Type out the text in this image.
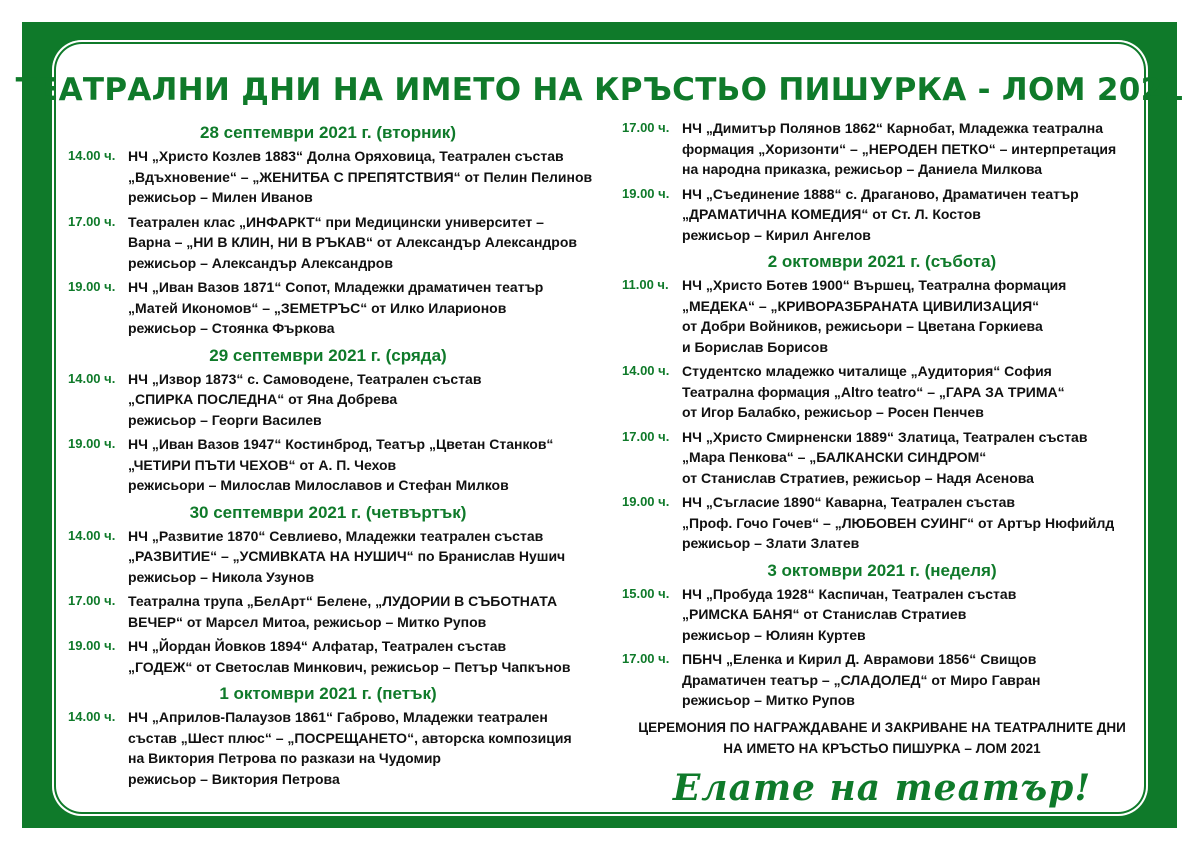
ТЕАТРАЛНИ ДНИ НА ИМЕТО НА КРЪСТЬО ПИШУРКА - ЛОМ 2021
28 септември 2021 г. (вторник)
14.00 ч. НЧ „Христо Козлев 1883“ Долна Оряховица, Театрален състав
„Вдъхновение“ – „ЖЕНИТБА С ПРЕПЯТСТВИЯ“ от Пелин Пелинов
режисьор – Милен Иванов
17.00 ч. Театрален клас „ИНФАРКТ“ при Медицински университет –
Варна – „НИ В КЛИН, НИ В РЪКАВ“ от Александър Александров
режисьор – Александър Александров
19.00 ч. НЧ „Иван Вазов 1871“ Сопот, Младежки драматичен театър
„Матей Икономов“ – „ЗЕМЕТРЪС“ от Илко Иларионов
режисьор – Стоянка Фъркова
29 септември 2021 г. (сряда)
14.00 ч. НЧ „Извор 1873“ с. Самоводене, Театрален състав
„СПИРКА ПОСЛЕДНА“ от Яна Добрева
режисьор – Георги Василев
19.00 ч. НЧ „Иван Вазов 1947“ Костинброд, Театър „Цветан Станков“
„ЧЕТИРИ ПЪТИ ЧЕХОВ“ от А. П. Чехов
режисьори – Милослав Милославов и Стефан Милков
30 септември 2021 г. (четвъртък)
14.00 ч. НЧ „Развитие 1870“ Севлиево, Младежки театрален състав
„РАЗВИТИЕ“ – „УСМИВКАТА НА НУШИЧ“ по Бранислав Нушич
режисьор – Никола Узунов
17.00 ч. Театрална трупа „БелАрт“ Белене, „ЛУДОРИИ В СЪБОТНАТА
ВЕЧЕР“ от Марсел Митоа, режисьор – Митко Рупов
19.00 ч. НЧ „Йордан Йовков 1894“ Алфатар, Театрален състав
„ГОДЕЖ“ от Светослав Минкович, режисьор – Петър Чапкънов
1 октомври 2021 г. (петък)
14.00 ч. НЧ „Априлов-Палаузов 1861“ Габрово, Младежки театрален
състав „Шест плюс“ – „ПОСРЕЩАНЕТО“, авторска композиция
на Виктория Петрова по разкази на Чудомир
режисьор – Виктория Петрова
17.00 ч. НЧ „Димитър Полянов 1862“ Карнобат, Младежка театрална
формация „Хоризонти“ – „НЕРОДЕН ПЕТКО“ – интерпретация
на народна приказка, режисьор – Даниела Милкова
19.00 ч. НЧ „Съединение 1888“ с. Драганово, Драматичен театър
„ДРАМАТИЧНА КОМЕДИЯ“ от Ст. Л. Костов
режисьор – Кирил Ангелов
2 октомври 2021 г. (събота)
11.00 ч. НЧ „Христо Ботев 1900“ Вършец, Театрална формация
„МЕДЕКА“ – „КРИВОРАЗБРАНАТА ЦИВИЛИЗАЦИЯ“
от Добри Войников, режисьори – Цветана Горкиева
и Борислав Борисов
14.00 ч. Студентско младежко читалище „Аудитория“ София
Театрална формация „Altro teatro“ – „ГАРА ЗА ТРИМА“
от Игор Балабко, режисьор – Росен Пенчев
17.00 ч. НЧ „Христо Смирненски 1889“ Златица, Театрален състав
„Мара Пенкова“ – „БАЛКАНСКИ СИНДРОМ“
от Станислав Стратиев, режисьор – Надя Асенова
19.00 ч. НЧ „Съгласие 1890“ Каварна, Театрален състав
„Проф. Гочо Гочев“ – „ЛЮБОВЕН СУИНГ“ от Артър Нюфийлд
режисьор – Злати Златев
3 октомври 2021 г. (неделя)
15.00 ч. НЧ „Пробуда 1928“ Каспичан, Театрален състав
„РИМСКА БАНЯ“ от Станислав Стратиев
режисьор – Юлиян Куртев
17.00 ч. ПБНЧ „Еленка и Кирил Д. Аврамови 1856“ Свищов
Драматичен театър – „СЛАДОЛЕД“ от Миро Гавран
режисьор – Митко Рупов
ЦЕРЕМОНИЯ ПО НАГРАЖДАВАНЕ И ЗАКРИВАНЕ НА ТЕАТРАЛНИТЕ ДНИ
НА ИМЕТО НА КРЪСТЬО ПИШУРКА – ЛОМ 2021
Елате на театър!
